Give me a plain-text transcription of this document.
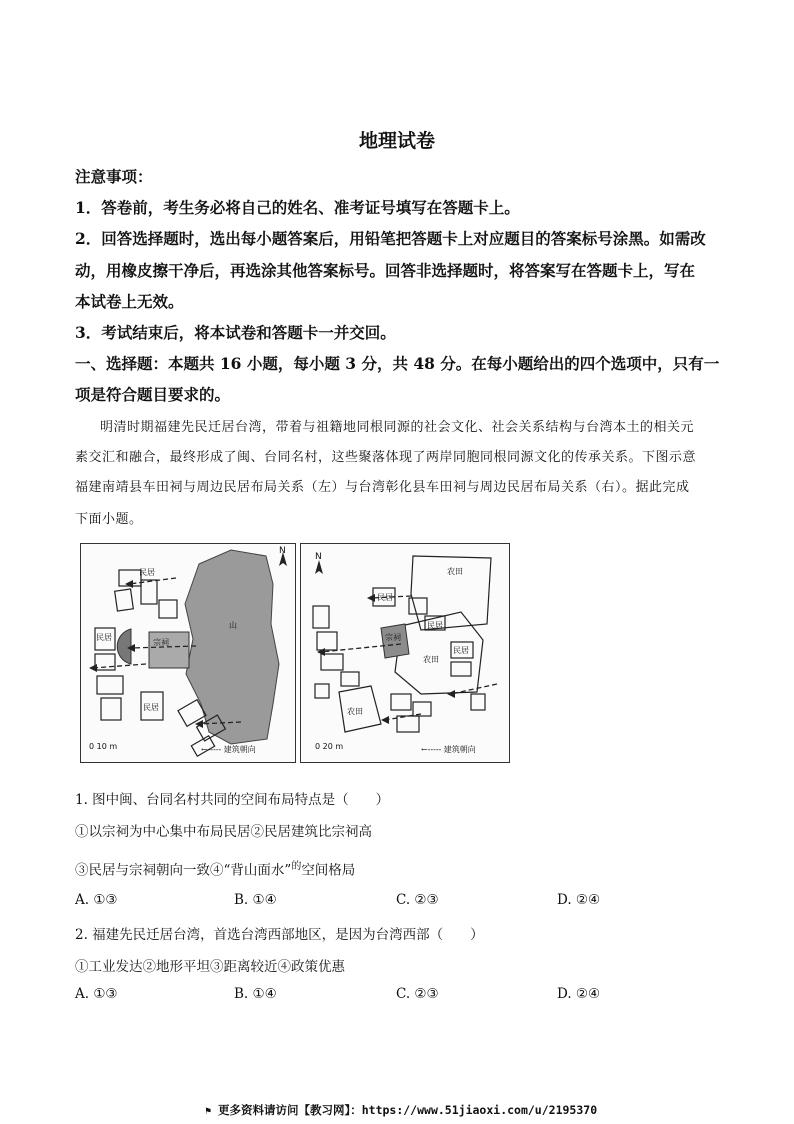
地理试卷
注意事项：
1．答卷前，考生务必将自己的姓名、准考证号填写在答题卡上。
2．回答选择题时，选出每小题答案后，用铅笔把答题卡上对应题目的答案标号涂黑。如需改
动，用橡皮擦干净后，再选涂其他答案标号。回答非选择题时，将答案写在答题卡上，写在
本试卷上无效。
3．考试结束后，将本试卷和答题卡一并交回。
一、选择题：本题共 16 小题，每小题 3 分，共 48 分。在每小题给出的四个选项中，只有一
项是符合题目要求的。
明清时期福建先民迁居台湾，带着与祖籍地同根同源的社会文化、社会关系结构与台湾本土的相关元
素交汇和融合，最终形成了闽、台同名村，这些聚落体现了两岸同胞同根同源文化的传承关系。下图示意
福建南靖县车田祠与周边民居布局关系（左）与台湾彰化县车田祠与周边民居布局关系（右）。据此完成
下面小题。
N
民居
民居
宗祠
民居
山
0 10 m	←----- 建筑朝向
N
农田
民居
民居
宗祠
农田
民居
农田
0 20 m	←----- 建筑朝向
1. 图中闽、台同名村共同的空间布局特点是（　　）
①以宗祠为中心集中布局民居②民居建筑比宗祠高
③民居与宗祠朝向一致④“背山面水”$^的$空间格局
A. ①③	B. ①④	C. ②③	D. ②④
2. 福建先民迁居台湾，首选台湾西部地区，是因为台湾西部（　　）
①工业发达②地形平坦③距离较近④政策优惠
A. ①③	B. ①④	C. ②③	D. ②④
⚑ 更多资料请访问【教习网】：https://www.51jiaoxi.com/u/2195370
